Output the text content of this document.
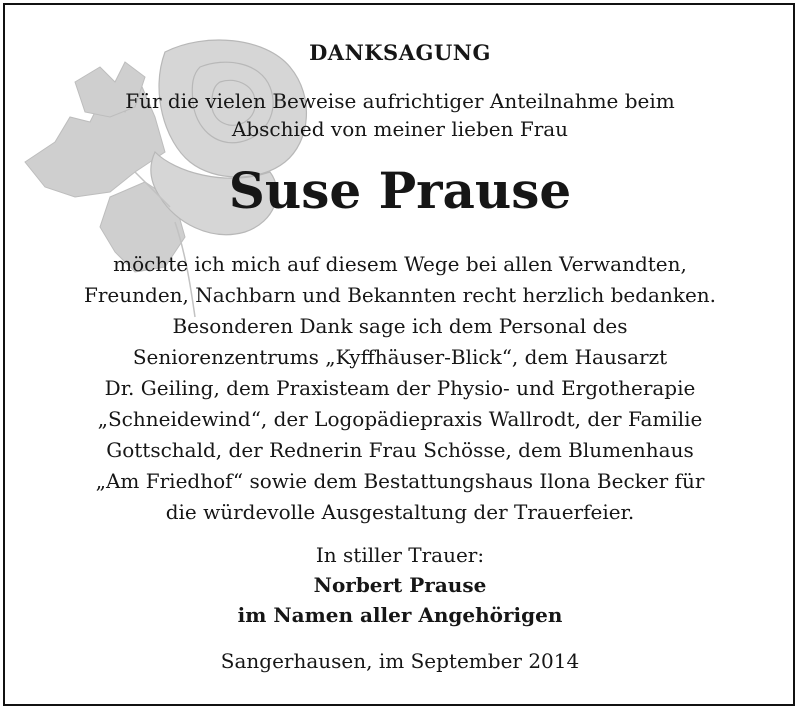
DANKSAGUNG
Für die vielen Beweise aufrichtiger Anteilnahme beim
Abschied von meiner lieben Frau
Suse Prause
möchte ich mich auf diesem Wege bei allen Verwandten,
Freunden, Nachbarn und Bekannten recht herzlich bedanken.
Besonderen Dank sage ich dem Personal des
Seniorenzentrums „Kyffhäuser-Blick“, dem Hausarzt
Dr. Geiling, dem Praxisteam der Physio- und Ergotherapie
„Schneidewind“, der Logopädiepraxis Wallrodt, der Familie
Gottschald, der Rednerin Frau Schösse, dem Blumenhaus
„Am Friedhof“ sowie dem Bestattungshaus Ilona Becker für
die würdevolle Ausgestaltung der Trauerfeier.
In stiller Trauer:
Norbert Prause
im Namen aller Angehörigen
Sangerhausen, im September 2014
